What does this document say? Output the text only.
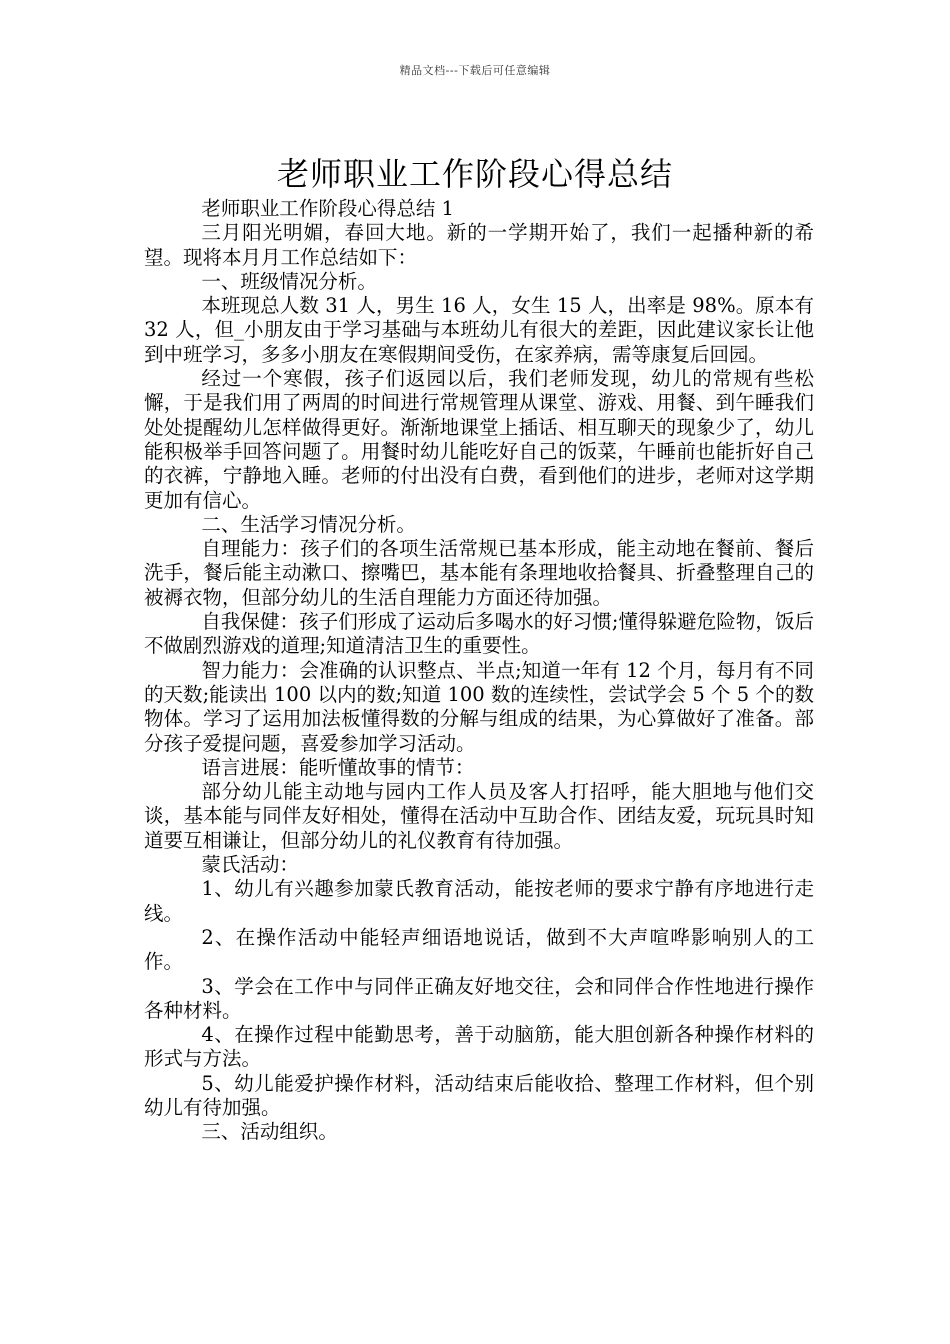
精品文档---下载后可任意编辑
老师职业工作阶段心得总结

老师职业工作阶段心得总结 1

三月阳光明媚，春回大地。新的一学期开始了，我们一起播种新的希望。现将本月月工作总结如下：

一、班级情况分析。

本班现总人数 31 人，男生 16 人，女生 15 人，出率是 98%。原本有 32 人，但_小朋友由于学习基础与本班幼儿有很大的差距，因此建议家长让他到中班学习，多多小朋友在寒假期间受伤，在家养病，需等康复后回园。

经过一个寒假，孩子们返园以后，我们老师发现，幼儿的常规有些松懈，于是我们用了两周的时间进行常规管理从课堂、游戏、用餐、到午睡我们处处提醒幼儿怎样做得更好。渐渐地课堂上插话、相互聊天的现象少了，幼儿能积极举手回答问题了。用餐时幼儿能吃好自己的饭菜，午睡前也能折好自己的衣裤，宁静地入睡。老师的付出没有白费，看到他们的进步，老师对这学期更加有信心。

二、生活学习情况分析。

自理能力：孩子们的各项生活常规已基本形成，能主动地在餐前、餐后洗手，餐后能主动漱口、擦嘴巴，基本能有条理地收拾餐具、折叠整理自己的被褥衣物，但部分幼儿的生活自理能力方面还待加强。

自我保健：孩子们形成了运动后多喝水的好习惯;懂得躲避危险物，饭后不做剧烈游戏的道理;知道清洁卫生的重要性。

智力能力：会准确的认识整点、半点;知道一年有 12 个月，每月有不同的天数;能读出 100 以内的数;知道 100 数的连续性，尝试学会 5 个 5 个的数物体。学习了运用加法板懂得数的分解与组成的结果，为心算做好了准备。部分孩子爱提问题，喜爱参加学习活动。

语言进展：能听懂故事的情节：

部分幼儿能主动地与园内工作人员及客人打招呼，能大胆地与他们交谈，基本能与同伴友好相处，懂得在活动中互助合作、团结友爱，玩玩具时知道要互相谦让，但部分幼儿的礼仪教育有待加强。

蒙氏活动：

1、幼儿有兴趣参加蒙氏教育活动，能按老师的要求宁静有序地进行走线。

2、在操作活动中能轻声细语地说话，做到不大声喧哗影响别人的工作。

3、学会在工作中与同伴正确友好地交往，会和同伴合作性地进行操作各种材料。

4、在操作过程中能勤思考，善于动脑筋，能大胆创新各种操作材料的形式与方法。

5、幼儿能爱护操作材料，活动结束后能收拾、整理工作材料，但个别幼儿有待加强。

三、活动组织。
